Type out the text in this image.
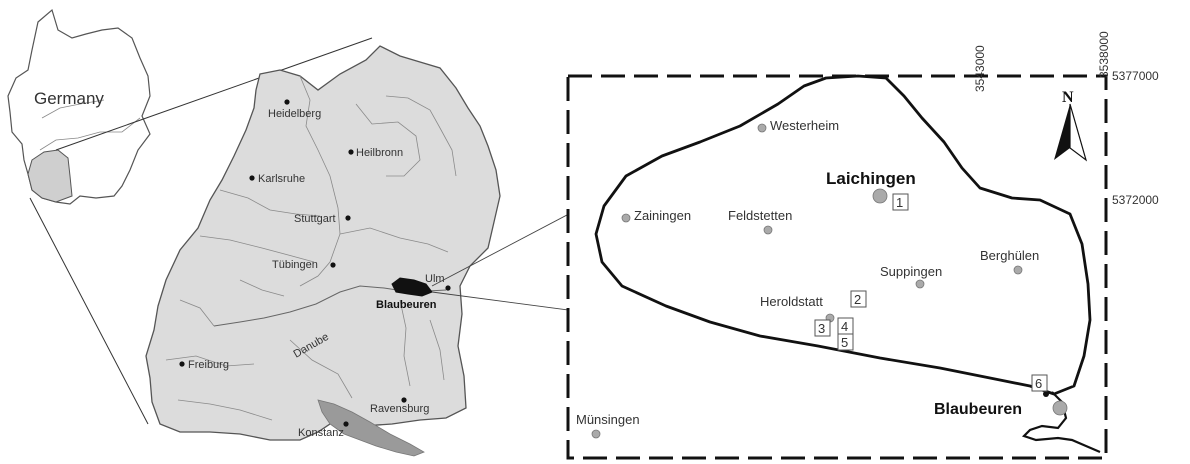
Germany
Heidelberg
Heilbronn
Karlsruhe
Stuttgart
Tübingen
Ulm
Blaubeuren
Freiburg
Ravensburg
Konstanz
Danube
3543000	3538000 5377000
5372000
N
Westerheim
Laichingen
Zainingen	Feldstetten
Suppingen
Berghülen
Heroldstatt
Münsingen
Blaubeuren
1
2
3 4
5
6
